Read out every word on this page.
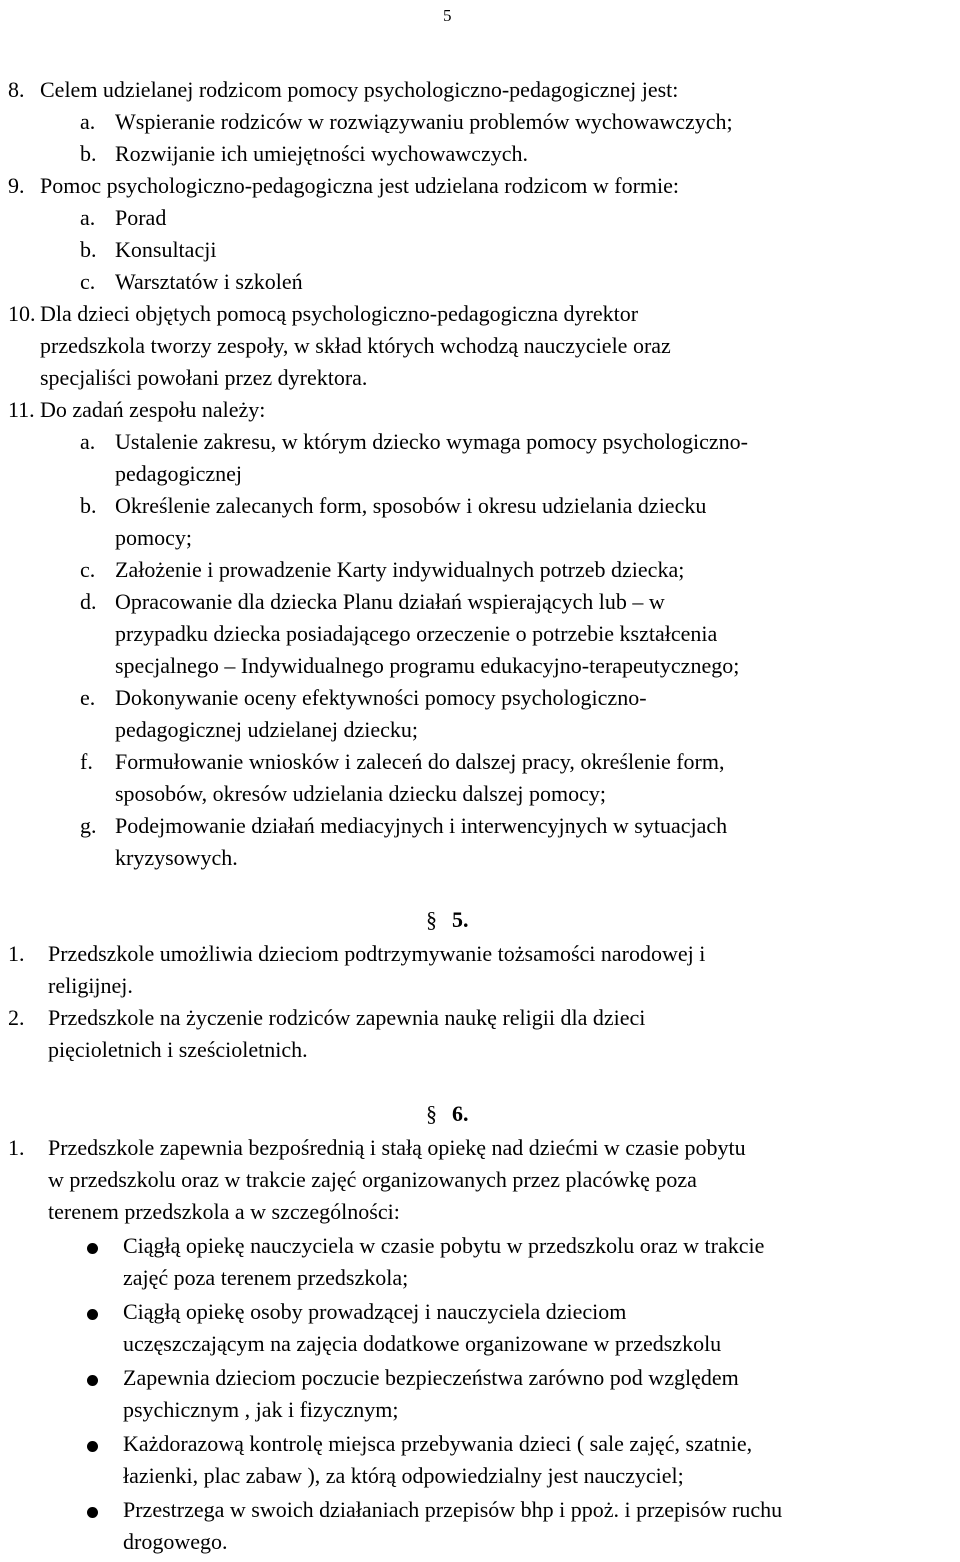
5
8. Celem udzielanej rodzicom pomocy psychologiczno-pedagogicznej jest:
a. Wspieranie rodziców w rozwiązywaniu problemów wychowawczych;
b. Rozwijanie ich umiejętności wychowawczych.
9. Pomoc psychologiczno-pedagogiczna jest udzielana rodzicom w formie:
a. Porad
b. Konsultacji
c. Warsztatów i szkoleń
10. Dla dzieci objętych pomocą psychologiczno-pedagogiczna dyrektor
przedszkola tworzy zespoły, w skład których wchodzą nauczyciele oraz
specjaliści powołani przez dyrektora.
11. Do zadań zespołu należy:
a. Ustalenie zakresu, w którym dziecko wymaga pomocy psychologiczno-
pedagogicznej
b. Określenie zalecanych form, sposobów i okresu udzielania dziecku
pomocy;
c. Założenie i prowadzenie Karty indywidualnych potrzeb dziecka;
d. Opracowanie dla dziecka Planu działań wspierających lub – w
przypadku dziecka posiadającego orzeczenie o potrzebie kształcenia
specjalnego – Indywidualnego programu edukacyjno-terapeutycznego;
e. Dokonywanie oceny efektywności pomocy psychologiczno-
pedagogicznej udzielanej dziecku;
f. Formułowanie wniosków i zaleceń do dalszej pracy, określenie form,
sposobów, okresów udzielania dziecku dalszej pomocy;
g. Podejmowanie działań mediacyjnych i interwencyjnych w sytuacjach
kryzysowych.
§ 5.
1. Przedszkole umożliwia dzieciom podtrzymywanie tożsamości narodowej i
religijnej.
2. Przedszkole na życzenie rodziców zapewnia naukę religii dla dzieci
pięcioletnich i sześcioletnich.
§ 6.
1. Przedszkole zapewnia bezpośrednią i stałą opiekę nad dziećmi w czasie pobytu
w przedszkolu oraz w trakcie zajęć organizowanych przez placówkę poza
terenem przedszkola a w szczególności:
Ciągłą opiekę nauczyciela w czasie pobytu w przedszkolu oraz w trakcie
zajęć poza terenem przedszkola;
Ciągłą opiekę osoby prowadzącej i nauczyciela dzieciom
uczęszczającym na zajęcia dodatkowe organizowane w przedszkolu
Zapewnia dzieciom poczucie bezpieczeństwa zarówno pod względem
psychicznym , jak i fizycznym;
Każdorazową kontrolę miejsca przebywania dzieci ( sale zajęć, szatnie,
łazienki, plac zabaw ), za którą odpowiedzialny jest nauczyciel;
Przestrzega w swoich działaniach przepisów bhp i ppoż. i przepisów ruchu
drogowego.
